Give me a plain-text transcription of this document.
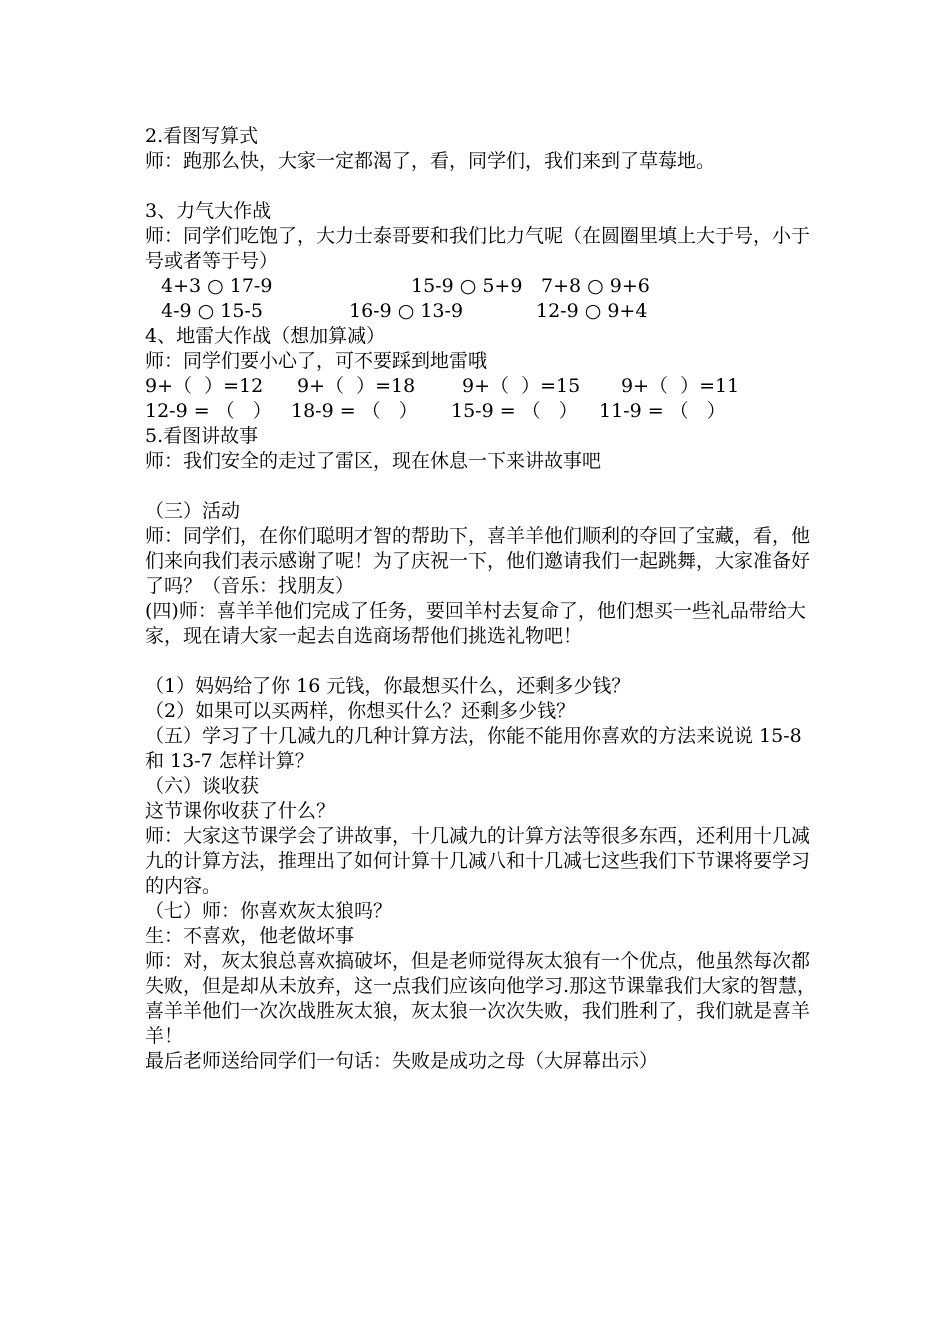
2.看图写算式
师：跑那么快，大家一定都渴了，看，同学们，我们来到了草莓地。
3、力气大作战
师：同学们吃饱了，大力士泰哥要和我们比力气呢（在圆圈里填上大于号，小于号或者等于号）
4+3 ○ 17-9	15-9 ○ 5+9 7+8 ○ 9+6
4-9 ○ 15-5	16-9 ○ 13-9	12-9 ○ 9+4
4、地雷大作战（想加算减）
师：同学们要小心了，可不要踩到地雷哦
9+（  ）=12	9+（  ）=18	9+（  ）=15	9+（  ）=11
12-9 = （   ）	18-9 = （   ）	15-9 = （   ）	11-9 = （   ）
5.看图讲故事
师：我们安全的走过了雷区，现在休息一下来讲故事吧
（三）活动
师：同学们，在你们聪明才智的帮助下，喜羊羊他们顺利的夺回了宝藏，看，他们来向我们表示感谢了呢！为了庆祝一下，他们邀请我们一起跳舞，大家准备好了吗？（音乐：找朋友）
(四)师：喜羊羊他们完成了任务，要回羊村去复命了，他们想买一些礼品带给大家，现在请大家一起去自选商场帮他们挑选礼物吧！
（1）妈妈给了你 16 元钱，你最想买什么，还剩多少钱？
（2）如果可以买两样，你想买什么？还剩多少钱？
（五）学习了十几减九的几种计算方法，你能不能用你喜欢的方法来说说 15-8 和 13-7 怎样计算？
（六）谈收获
这节课你收获了什么？
师：大家这节课学会了讲故事，十几减九的计算方法等很多东西，还利用十几减九的计算方法，推理出了如何计算十几减八和十几减七这些我们下节课将要学习的内容。
（七）师：你喜欢灰太狼吗？
生：不喜欢，他老做坏事
师：对，灰太狼总喜欢搞破坏，但是老师觉得灰太狼有一个优点，他虽然每次都失败，但是却从未放弃，这一点我们应该向他学习.那这节课靠我们大家的智慧，喜羊羊他们一次次战胜灰太狼，灰太狼一次次失败，我们胜利了，我们就是喜羊羊！
最后老师送给同学们一句话：失败是成功之母（大屏幕出示）
